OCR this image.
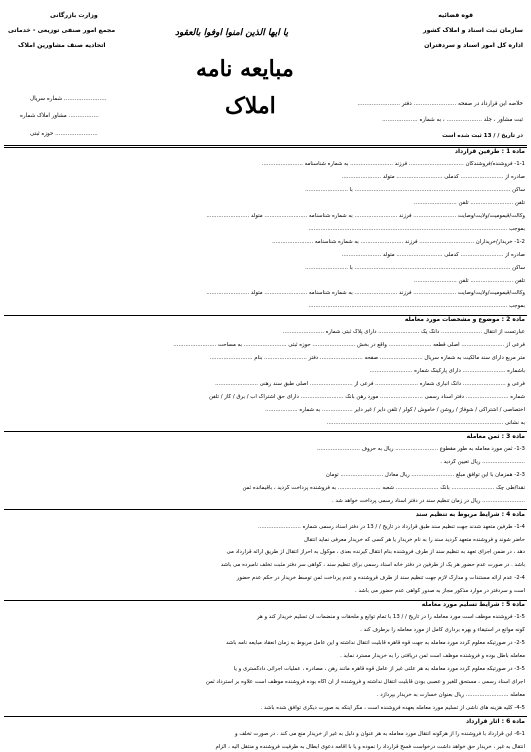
قوه قضائیه
سازمان ثبت اسناد و املاک کشور
اداره کل امور اسناد و سردفتران
وزارت بازرگانی
مجمع امور صنفی توزیعی - خدماتی
اتحادیه صنف مشاورین املاک
یا ایها الذین امنوا اوفوا بالعقود
مبایعه نامه
املاک
........................ شماره سریال
................. مشاور املاک شماره
........................ حوزه ثبتی
خلاصه این قرارداد در صفحه ........................ دفتر ........................
ثبت مشاور ، جلد .................... ، به شماره ....................
در تاریخ / / 13 ثبت شده است
ماده 1 : طرفین قرارداد
1-1- فروشنده/فروشندگان ................................ فرزند ......................... به شماره شناسنامه ........................
صادره از ......................... کدملی ........................... متولد .......................
ساکن ........................................................................................... با .........................
تلفن ......................... تلفن .........................
وکالت/قیمومیت/ولایت/وصایت ......................... فرزند ......................... به شماره شناسنامه ......................... متولد .........................
بموجب ....................................................................................................................
1-2- خریدار/خریداران ................................ فرزند ......................... به شماره شناسنامه ........................
صادره از ......................... کدملی ........................... متولد .......................
ساکن ........................................................................................... با .........................
تلفن ......................... تلفن .........................
وکالت/قیمومیت/ولایت/وصایت ......................... فرزند ......................... به شماره شناسنامه ......................... متولد .........................
بموجب ....................................................................................................................
ماده 2 : موضوع و مشخصات مورد معامله
عبارتست از انتقال ........................ دانگ یک ........................ دارای پلاک ثبتی شماره ........................
فرعی از ......................... اصلی قطعه ......................... واقع در بخش ......................... حوزه ثبتی ......................... به مساحت .........................
متر مربع دارای سند مالکیت به شماره سریال ......................... صفحه ......................... دفتر ......................... بنام .........................
باشماره ......................... دارای پارکینگ شماره .........................
فرعی و ......................... دانگ انباری شماره ......................... فرعی از ......................... اصلی طبق سند رهنی .........................
شماره ......................... دفتر اسناد رسمی ......................... مورد رهن بانک ......................... دارای حق اشتراک آب / برق / گاز / تلفن
اختصاصی / اشتراکی / شوفاژ / روشن / خاموش / کولر / تلفن دایر / غیر دایر .................. به شماره ...................
به نشانی .......................................................................................................
ماده 3 : ثمن معامله
1-3- ثمن مورد معامله به طور مقطوع ......................... ریال به حروف .........................
......................... ریال تعیین گردید .
2-3- همزمان با این توافق مبلغ ......................... ریال معادل ......................... تومان
نقدا/طی چک ......................... بانک ......................... شعبه ......................... به فروشنده پرداخت گردید ، باقیمانده ثمن
......................... ریال در زمان تنظیم سند در دفتر اسناد رسمی پرداخت خواهد شد .
ماده 4 : شرایط مربوط به تنظیم سند
1-4- طرفین متعهد شدند جهت تنظیم سند طبق قرارداد در تاریخ / / 13 در دفتر اسناد رسمی شماره .........................
حاضر شوند و فروشنده متعهد گردید سند را به نام خریدار یا هر کسی که خریدار معرفی نماید انتقال
دهد ، در ضمن اجرای تعهد به تنظیم سند از طرف فروشنده بنام انتقال گیرنده بعدی ، موکول به احراز انتقال از طریق ارائه قرارداد می
باشد . در صورت عدم حضور هر یک از طرفین در دفتر خانه اسناد رسمی برای تنظیم سند ، گواهی سر دفتر مثبت تخلف نامبرده می باشد
2-4- عدم ارائه مستندات و مدارک لازم جهت تنظیم سند از طرف فروشنده و عدم پرداخت ثمن توسط خریدار در حکم عدم حضور
است و سردفتر در موارد مذکور مجاز به صدور گواهی عدم حضور می باشد .
ماده 5 : شرایط تسلیم مورد معامله
1-5- فروشنده موظف است مورد معامله را در تاریخ / / 13 با تمام توابع و ملحقات و منضمات آن تسلیم خریدار کند و هر
گونه موانع در استیفاء و بهره برداری کامل از مورد معامله را برطرف کند .
2-5- در صورتیکه معلوم گردد مورد معامله به جهت قوه قاهره قابلیت انتقال نداشته و این عامل مربوط به زمان انعقاد مبایعه نامه باشد
معامله باطل بوده و فروشنده موظف است ثمن دریافتی را به خریدار مسترد نماید .
3-5- در صورتیکه معلوم گردد مورد معامله به هر علتی غیر از عامل قوه قاهره مانند رهن ، مصادره ، عملیات اجرائی دادگستری و یا
اجرای اسناد رسمی ، مستحق للغیر و عصبی بودن قابلیت انتقال نداشته و فروشنده از آن آگاه بوده فروشنده موظف است علاوه بر استرداد ثمن
معامله ......................... ریال بعنوان خسارت به خریدار بپردازد .
4-5- کلیه هزینه های ناشی از تسلیم مورد معامله بعهده فروشنده است ، مگر اینکه به صورت دیگری توافق شده باشد .
ماده 6 : اثار قرارداد
6-1- این قرارداد با فروشنده را از هرگونه انتقال مورد معامله به هر عنوان و دلیل به غیر از خریدار منع می کند . در صورت تخلف و
انتقال به غیر ، خریدار حق خواهد داشت درخواست فسخ قرارداد را نموده و یا با اقامه دعوی ابطال به طرفیت فروشنده و منتقل الیه ، الزام
